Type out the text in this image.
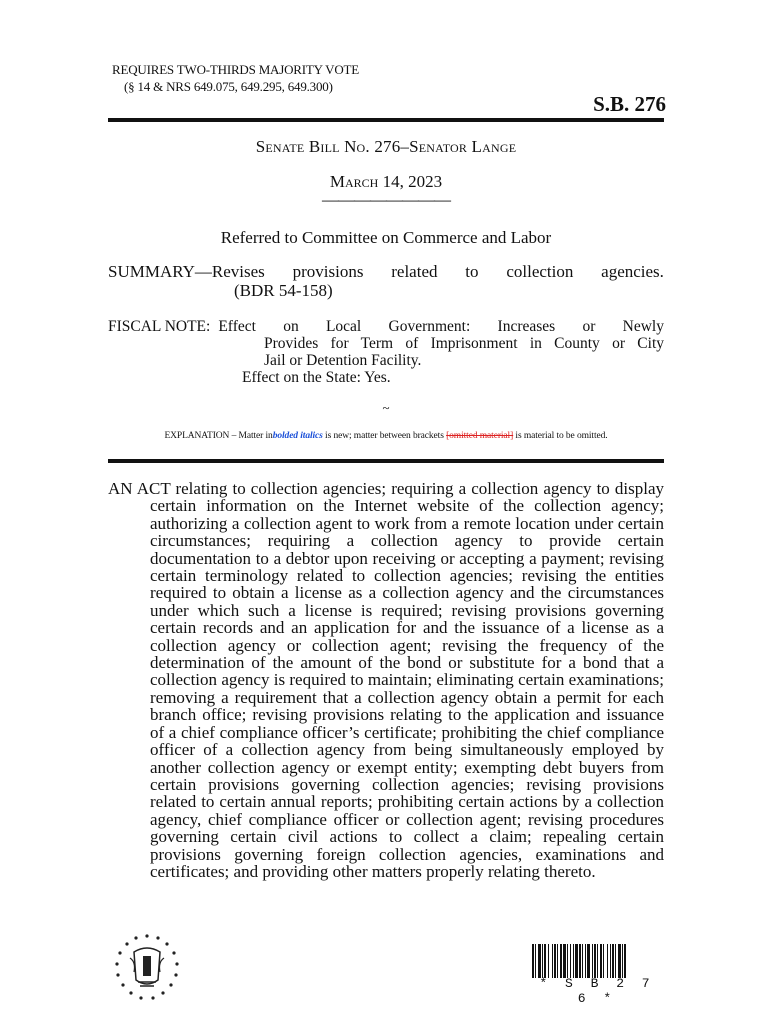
REQUIRES TWO-THIRDS MAJORITY VOTE
(§ 14 & NRS 649.075, 649.295, 649.300)
S.B. 276
Senate Bill No. 276–Senator Lange
March 14, 2023
————————
Referred to Committee on Commerce and Labor
SUMMARY—Revises provisions related to collection agencies.
(BDR 54-158)
FISCAL NOTE: Effect on Local Government: Increases or Newly
Provides for Term of Imprisonment in County or City
Jail or Detention Facility.
Effect on the State: Yes.
~
EXPLANATION – Matter inbolded italics is new; matter between brackets [omitted material] is material to be omitted.

AN ACT relating to collection agencies; requiring a collection agency to display certain information on the Internet website of the collection agency; authorizing a collection agent to work from a remote location under certain circumstances; requiring a collection agency to provide certain documentation to a debtor upon receiving or accepting a payment; revising certain terminology related to collection agencies; revising the entities required to obtain a license as a collection agency and the circumstances under which such a license is required; revising provisions governing certain records and an application for and the issuance of a license as a collection agency or collection agent; revising the frequency of the determination of the amount of the bond or substitute for a bond that a collection agency is required to maintain; eliminating certain examinations; removing a requirement that a collection agency obtain a permit for each branch office; revising provisions relating to the application and issuance of a chief compliance officer’s certificate; prohibiting the chief compliance officer of a collection agency from being simultaneously employed by another collection agency or exempt entity; exempting debt buyers from certain provisions governing collection agencies; revising provisions related to certain annual reports; prohibiting certain actions by a collection agency, chief compliance officer or collection agent; revising procedures governing certain civil actions to collect a claim; repealing certain provisions governing foreign collection agencies, examinations and certificates; and providing other matters properly relating thereto.

* S B 2 7 6 *
